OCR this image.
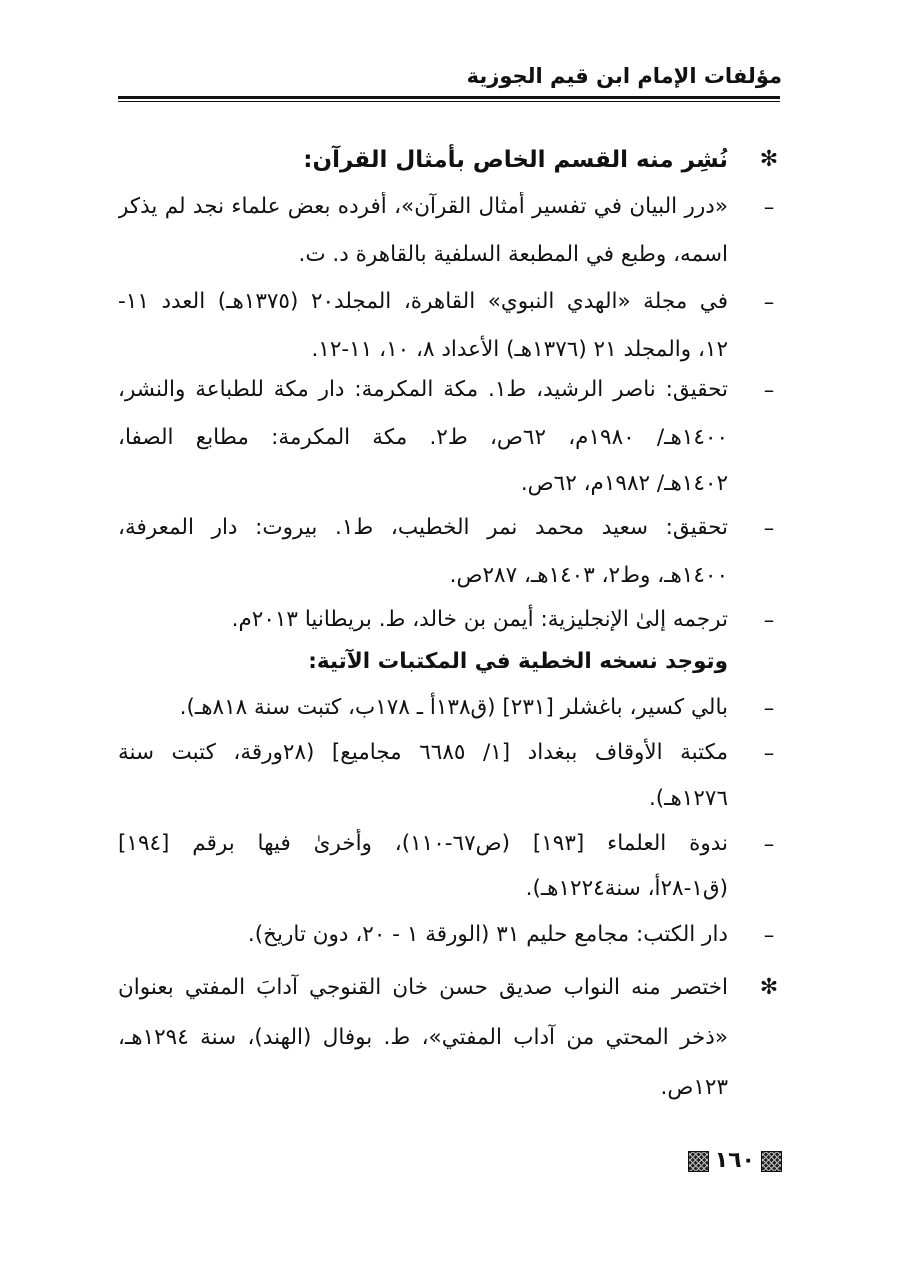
مؤلفات الإمام ابن قيم الجوزية
✻
نُشِر منه القسم الخاص بأمثال القرآن:
–
«درر البيان في تفسير أمثال القرآن»، أفرده بعض علماء نجد لم يذكر
اسمه، وطبع في المطبعة السلفية بالقاهرة د. ت.
–
في مجلة «الهدي النبوي» القاهرة، المجلد٢٠ (١٣٧٥هـ) العدد ١١-
١٢، والمجلد ٢١ (١٣٧٦هـ) الأعداد ٨، ١٠، ١١-١٢.
–
تحقيق: ناصر الرشيد، ط١. مكة المكرمة: دار مكة للطباعة والنشر،
١٤٠٠هـ/ ١٩٨٠م، ٦٢ص، ط٢. مكة المكرمة: مطابع الصفا،
١٤٠٢هـ/ ١٩٨٢م، ٦٢ص.
–
تحقيق: سعيد محمد نمر الخطيب، ط١. بيروت: دار المعرفة،
١٤٠٠هـ، وط٢، ١٤٠٣هـ، ٢٨٧ص.
–
ترجمه إلىٰ الإنجليزية: أيمن بن خالد، ط. بريطانيا ٢٠١٣م.
وتوجد نسخه الخطية في المكتبات الآتية:
–
بالي كسير، باغشلر [٢٣١] (ق١٣٨أ ـ ١٧٨ب، كتبت سنة ٨١٨هـ).
–
مكتبة الأوقاف ببغداد [١/ ٦٦٨٥ مجاميع] (٢٨ورقة، كتبت سنة
١٢٧٦هـ).
–
ندوة العلماء [١٩٣] (ص٦٧-١١٠)، وأخرىٰ فيها برقم [١٩٤]
(ق١-٢٨أ، سنة١٢٢٤هـ).
–
دار الكتب: مجامع حليم ٣١ (الورقة ١ - ٢٠، دون تاريخ).
✻
اختصر منه النواب صديق حسن خان القنوجي آدابَ المفتي بعنوان
«ذخر المحتي من آداب المفتي»، ط. بوفال (الهند)، سنة ١٢٩٤هـ،
١٢٣ص.
١٦٠
